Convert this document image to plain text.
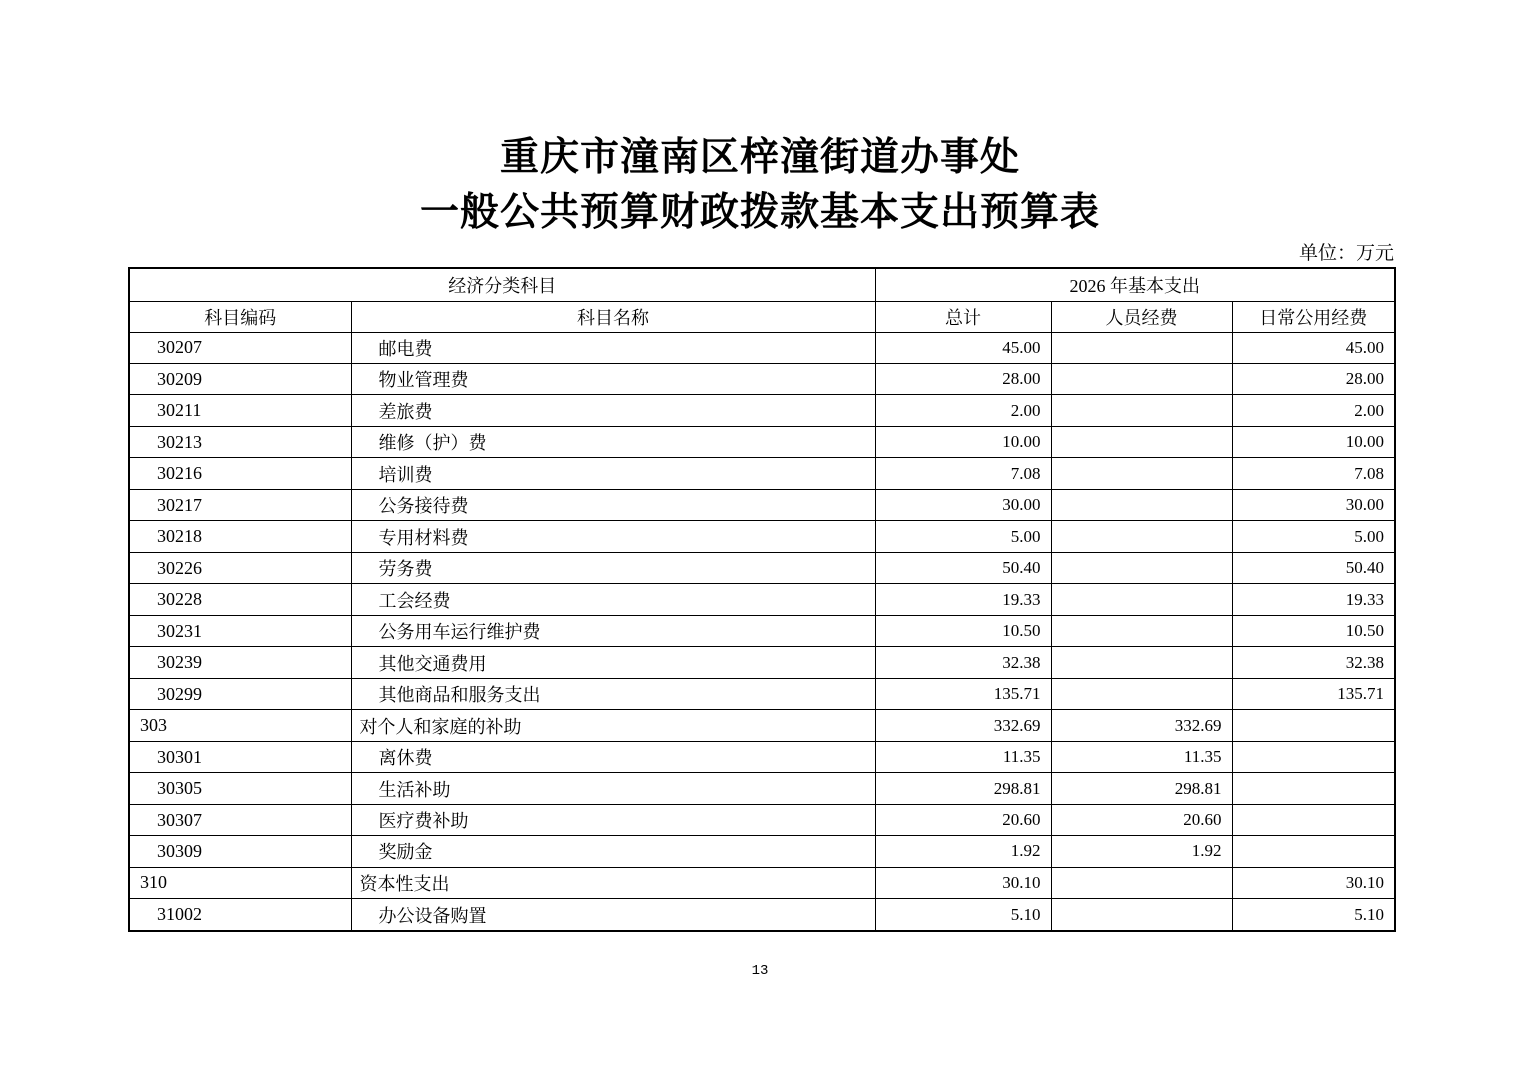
重庆市潼南区梓潼街道办事处
一般公共预算财政拨款基本支出预算表
单位：万元
经济分类科目		2026 年基本支出		
科目编码	科目名称	总计	人员经费	日常公用经费
30207	邮电费	45.00		45.00
30209	物业管理费	28.00		28.00
30211	差旅费	2.00		2.00
30213	维修（护）费	10.00		10.00
30216	培训费	7.08		7.08
30217	公务接待费	30.00		30.00
30218	专用材料费	5.00		5.00
30226	劳务费	50.40		50.40
30228	工会经费	19.33		19.33
30231	公务用车运行维护费	10.50		10.50
30239	其他交通费用	32.38		32.38
30299	其他商品和服务支出	135.71		135.71
303	对个人和家庭的补助	332.69	332.69	
30301	离休费	11.35	11.35	
30305	生活补助	298.81	298.81	
30307	医疗费补助	20.60	20.60	
30309	奖励金	1.92	1.92	
310	资本性支出	30.10		30.10
31002	办公设备购置	5.10		5.10
13
